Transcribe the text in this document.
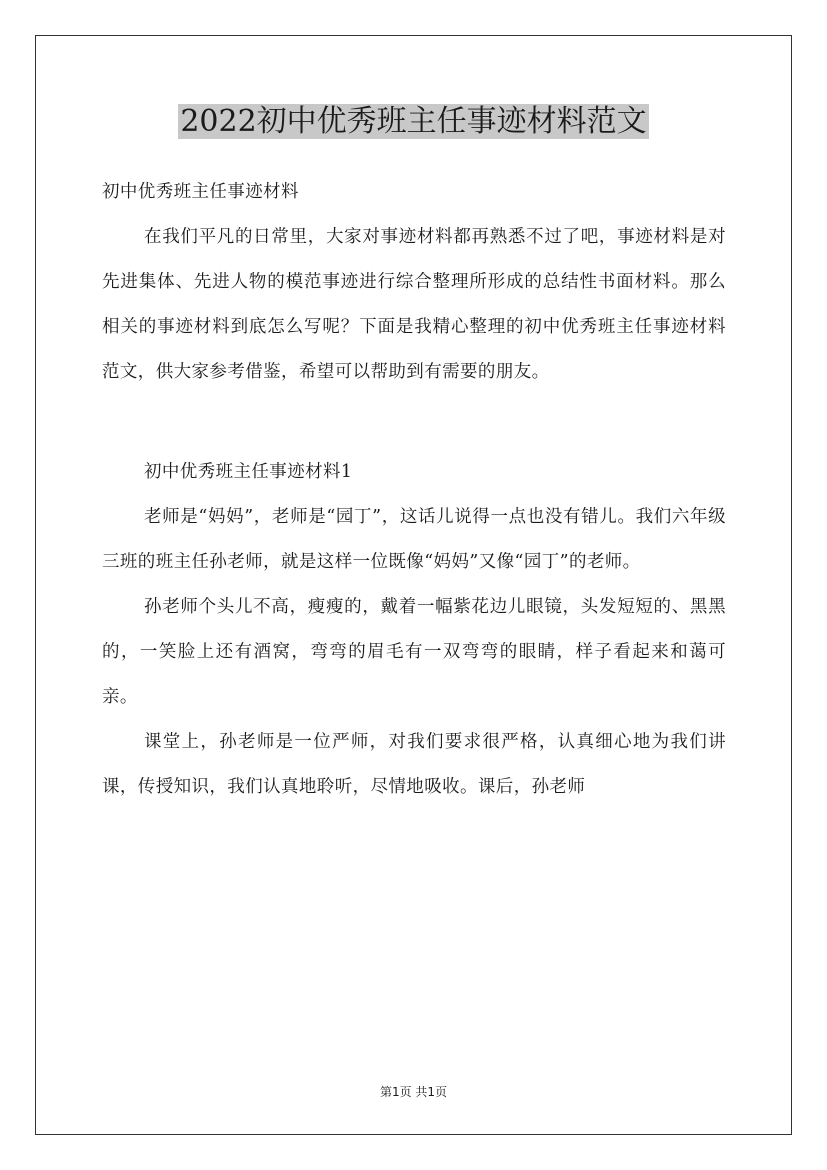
2022初中优秀班主任事迹材料范文

初中优秀班主任事迹材料

在我们平凡的日常里，大家对事迹材料都再熟悉不过了吧，事迹材料是对先进集体、先进人物的模范事迹进行综合整理所形成的总结性书面材料。那么相关的事迹材料到底怎么写呢？下面是我精心整理的初中优秀班主任事迹材料范文，供大家参考借鉴，希望可以帮助到有需要的朋友。

初中优秀班主任事迹材料1

老师是“妈妈”，老师是“园丁”，这话儿说得一点也没有错儿。我们六年级三班的班主任孙老师，就是这样一位既像“妈妈”又像“园丁”的老师。

孙老师个头儿不高，瘦瘦的，戴着一幅紫花边儿眼镜，头发短短的、黑黑的，一笑脸上还有酒窝，弯弯的眉毛有一双弯弯的眼睛，样子看起来和蔼可亲。

课堂上，孙老师是一位严师，对我们要求很严格，认真细心地为我们讲课，传授知识，我们认真地聆听，尽情地吸收。课后，孙老师

第1页 共1页
